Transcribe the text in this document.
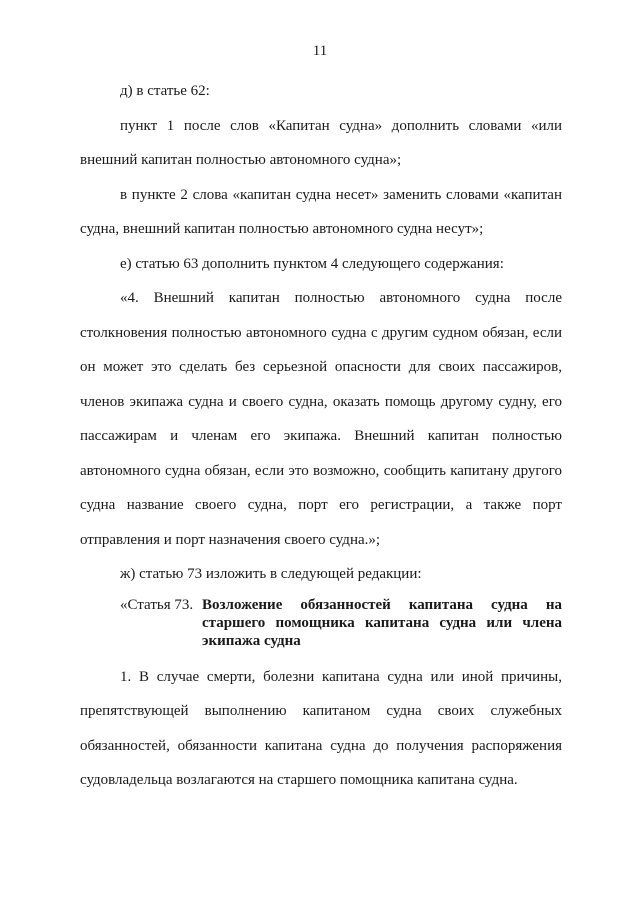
11

д) в статье 62:

пункт 1 после слов «Капитан судна» дополнить словами «или внешний капитан полностью автономного судна»;

в пункте 2 слова «капитан судна несет» заменить словами «капитан судна, внешний капитан полностью автономного судна несут»;

е) статью 63 дополнить пунктом 4 следующего содержания:

«4. Внешний капитан полностью автономного судна после столкновения полностью автономного судна с другим судном обязан, если он может это сделать без серьезной опасности для своих пассажиров, членов экипажа судна и своего судна, оказать помощь другому судну, его пассажирам и членам его экипажа. Внешний капитан полностью автономного судна обязан, если это возможно, сообщить капитану другого судна название своего судна, порт его регистрации, а также порт отправления и порт назначения своего судна.»;

ж) статью 73 изложить в следующей редакции:

«Статья 73. Возложение обязанностей капитана судна на старшего помощника капитана судна или члена экипажа судна

1. В случае смерти, болезни капитана судна или иной причины, препятствующей выполнению капитаном судна своих служебных обязанностей, обязанности капитана судна до получения распоряжения судовладельца возлагаются на старшего помощника капитана судна.
